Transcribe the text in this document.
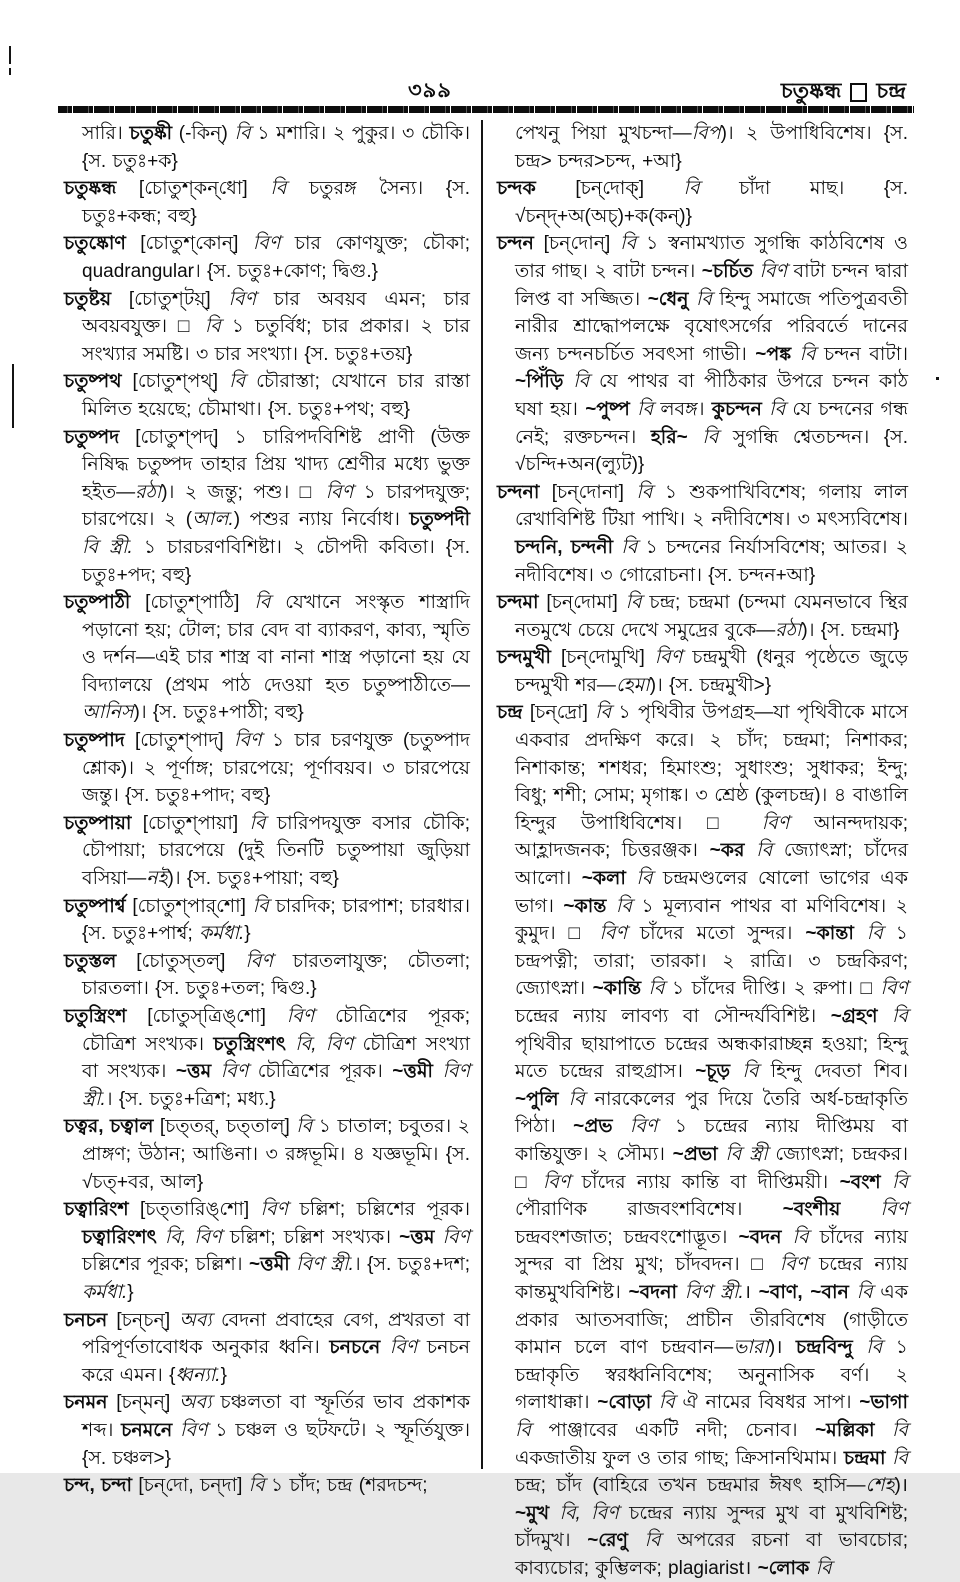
৩৯৯	চতুষ্কন্ধ চন্দ্র

সারি। চতুষ্কী (-কিন্) বি ১ মশারি। ২ পুকুর। ৩ চৌকি। {স. চতুঃ+ক}

চতুষ্কন্ধ [চোতুশ্‌কন্‌ধো] বি চতুরঙ্গ সৈন্য। {স. চতুঃ+কন্ধ; বহু}

চতুষ্কোণ [চোতুশ্‌কোন্] বিণ চার কোণযুক্ত; চৌকা; quadrangular। {স. চতুঃ+কোণ; দ্বিগু.}

চতুষ্টয় [চোতুশ্‌টয়্] বিণ চার অবয়ব এমন; চার অবয়বযুক্ত। □ বি ১ চতুর্বিধ; চার প্রকার। ২ চার সংখ্যার সমষ্টি। ৩ চার সংখ্যা। {স. চতুঃ+তয়}

চতুষ্পথ [চোতুশ্‌পথ্] বি চৌরাস্তা; যেখানে চার রাস্তা মিলিত হয়েছে; চৌমাথা। {স. চতুঃ+পথ; বহু}

চতুষ্পদ [চোতুশ্‌পদ্] ১ চারিপদবিশিষ্ট প্রাণী (উক্ত নিষিদ্ধ চতুষ্পদ তাহার প্রিয় খাদ্য শ্রেণীর মধ্যে ভুক্ত হইত—রঠা)। ২ জন্তু; পশু। □ বিণ ১ চারপদযুক্ত; চারপেয়ে। ২ (আল.) পশুর ন্যায় নির্বোধ। চতুষ্পদী বি স্ত্রী. ১ চারচরণবিশিষ্টা। ২ চৌপদী কবিতা। {স. চতুঃ+পদ; বহু}

চতুষ্পাঠী [চোতুশ্‌পাঠি] বি যেখানে সংস্কৃত শাস্ত্রাদি পড়ানো হয়; টোল; চার বেদ বা ব্যাকরণ, কাব্য, স্মৃতি ও দর্শন—এই চার শাস্ত্র বা নানা শাস্ত্র পড়ানো হয় যে বিদ্যালয়ে (প্রথম পাঠ দেওয়া হত চতুষ্পাঠীতে—আনিস)। {স. চতুঃ+পাঠী; বহু}

চতুষ্পাদ [চোতুশ্‌পাদ্] বিণ ১ চার চরণযুক্ত (চতুষ্পাদ শ্লোক)। ২ পূর্ণাঙ্গ; চারপেয়ে; পূর্ণাবয়ব। ৩ চারপেয়ে জন্তু। {স. চতুঃ+পাদ; বহু}

চতুষ্পায়া [চোতুশ্‌পায়া] বি চারিপদযুক্ত বসার চৌকি; চৌপায়া; চারপেয়ে (দুই তিনটি চতুষ্পায়া জুড়িয়া বসিয়া—নই)। {স. চতুঃ+পায়া; বহু}

চতুষ্পার্শ্ব [চোতুশ্‌পার্‌শো] বি চারদিক; চারপাশ; চারধার। {স. চতুঃ+পার্শ্ব; কর্মধা.}

চতুস্তল [চোতুস্‌তল্] বিণ চারতলাযুক্ত; চৌতলা; চারতলা। {স. চতুঃ+তল; দ্বিগু.}

চতুস্ত্রিংশ [চোতুস্‌ত্রিঙ্‌শো] বিণ চৌত্রিশের পূরক; চৌত্রিশ সংখ্যক। চতুস্ত্রিংশৎ বি, বিণ চৌত্রিশ সংখ্যা বা সংখ্যক। ~ত্তম বিণ চৌত্রিশের পূরক। ~ত্তমী বিণ স্ত্রী.। {স. চতুঃ+ত্রিশ; মধ্য.}

চত্বর, চত্বাল [চত্‌তর্, চত্‌তাল্] বি ১ চাতাল; চবুতর। ২ প্রাঙ্গণ; উঠান; আঙিনা। ৩ রঙ্গভূমি। ৪ যজ্ঞভূমি। {স. √চত্+বর, আল}

চত্বারিংশ [চত্‌তারিঙ্‌শো] বিণ চল্লিশ; চল্লিশের পূরক। চত্বারিংশৎ বি, বিণ চল্লিশ; চল্লিশ সংখ্যক। ~ত্তম বিণ চল্লিশের পূরক; চল্লিশ। ~ত্তমী বিণ স্ত্রী.। {স. চতুঃ+দশ; কর্মধা.}

চনচন [চন্‌চন্] অব্য বেদনা প্রবাহের বেগ, প্রখরতা বা পরিপূর্ণতাবোধক অনুকার ধ্বনি। চনচনে বিণ চনচন করে এমন। {ধ্বন্যা.}

চনমন [চন্‌মন্] অব্য চঞ্চলতা বা স্ফূর্তির ভাব প্রকাশক শব্দ। চনমনে বিণ ১ চঞ্চল ও ছটফটে। ২ স্ফূর্তিযুক্ত। {স. চঞ্চল>}

চন্দ, চন্দা [চন্‌দো, চন্‌দা] বি ১ চাঁদ; চন্দ্র (শরদচন্দ;

পেখনু পিয়া মুখচন্দা—বিপ)। ২ উপাধিবিশেষ। {স. চন্দ্র> চন্দর>চন্দ, +আ}

চন্দক [চন্‌দোক্] বি চাঁদা মাছ। {স. √চন্দ্+অ(অচ্)+ক(কন্)}

চন্দন [চন্‌দোন্] বি ১ স্বনামখ্যাত সুগন্ধি কাঠবিশেষ ও তার গাছ। ২ বাটা চন্দন। ~চর্চিত বিণ বাটা চন্দন দ্বারা লিপ্ত বা সজ্জিত। ~ধেনু বি হিন্দু সমাজে পতিপুত্রবতী নারীর শ্রাদ্ধোপলক্ষে বৃষোৎসর্গের পরিবর্তে দানের জন্য চন্দনচর্চিত সবৎসা গাভী। ~পঙ্ক বি চন্দন বাটা। ~পিঁড়ি বি যে পাথর বা পীঠিকার উপরে চন্দন কাঠ ঘষা হয়। ~পুষ্প বি লবঙ্গ। কুচন্দন বি যে চন্দনের গন্ধ নেই; রক্তচন্দন। হরি~ বি সুগন্ধি শ্বেতচন্দন। {স. √চন্দি+অন(ল্যুট)}

চন্দনা [চন্‌দোনা] বি ১ শুকপাখিবিশেষ; গলায় লাল রেখাবিশিষ্ট টিয়া পাখি। ২ নদীবিশেষ। ৩ মৎস্যবিশেষ। চন্দনি, চন্দনী বি ১ চন্দনের নির্যাসবিশেষ; আতর। ২ নদীবিশেষ। ৩ গোরোচনা। {স. চন্দন+আ}

চন্দমা [চন্‌দোমা] বি চন্দ্র; চন্দ্রমা (চন্দমা যেমনভাবে স্থির নতমুখে চেয়ে দেখে সমুদ্রের বুকে—রঠা)। {স. চন্দ্রমা}

চন্দমুখী [চন্‌দোমুখি] বিণ চন্দ্রমুখী (ধনুর পৃষ্ঠেতে জুড়ে চন্দমুখী শর—হেমা)। {স. চন্দ্রমুখী>}

চন্দ্র [চন্‌দ্রো] বি ১ পৃথিবীর উপগ্রহ—যা পৃথিবীকে মাসে একবার প্রদক্ষিণ করে। ২ চাঁদ; চন্দ্রমা; নিশাকর; নিশাকান্ত; শশধর; হিমাংশু; সুধাংশু; সুধাকর; ইন্দু; বিধু; শশী; সোম; মৃগাঙ্ক। ৩ শ্রেষ্ঠ (কুলচন্দ্র)। ৪ বাঙালি হিন্দুর উপাধিবিশেষ। □ বিণ আনন্দদায়ক; আহ্লাদজনক; চিত্তরঞ্জক। ~কর বি জ্যোৎস্না; চাঁদের আলো। ~কলা বি চন্দ্রমণ্ডলের ষোলো ভাগের এক ভাগ। ~কান্ত বি ১ মূল্যবান পাথর বা মণিবিশেষ। ২ কুমুদ। □ বিণ চাঁদের মতো সুন্দর। ~কান্তা বি ১ চন্দ্রপত্নী; তারা; তারকা। ২ রাত্রি। ৩ চন্দ্রকিরণ; জ্যোৎস্না। ~কান্তি বি ১ চাঁদের দীপ্তি। ২ রুপা। □ বিণ চন্দ্রের ন্যায় লাবণ্য বা সৌন্দর্যবিশিষ্ট। ~গ্রহণ বি পৃথিবীর ছায়াপাতে চন্দ্রের অন্ধকারাচ্ছন্ন হওয়া; হিন্দু মতে চন্দ্রের রাহুগ্রাস। ~চূড় বি হিন্দু দেবতা শিব। ~পুলি বি নারকেলের পুর দিয়ে তৈরি অর্ধ-চন্দ্রাকৃতি পিঠা। ~প্রভ বিণ ১ চন্দ্রের ন্যায় দীপ্তিময় বা কান্তিযুক্ত। ২ সৌম্য। ~প্রভা বি স্ত্রী জ্যোৎস্না; চন্দ্রকর। □ বিণ চাঁদের ন্যায় কান্তি বা দীপ্তিময়ী। ~বংশ বি পৌরাণিক রাজবংশবিশেষ। ~বংশীয় বিণ চন্দ্রবংশজাত; চন্দ্রবংশোদ্ভূত। ~বদন বি চাঁদের ন্যায় সুন্দর বা প্রিয় মুখ; চাঁদবদন। □ বিণ চন্দ্রের ন্যায় কান্তমুখবিশিষ্ট। ~বদনা বিণ স্ত্রী.। ~বাণ, ~বান বি এক প্রকার আতসবাজি; প্রাচীন তীরবিশেষ (গাড়ীতে কামান চলে বাণ চন্দ্রবান—ভারা)। চন্দ্রবিন্দু বি ১ চন্দ্রাকৃতি স্বরধ্বনিবিশেষ; অনুনাসিক বর্ণ। ২ গলাধাক্কা। ~বোড়া বি ঐ নামের বিষধর সাপ। ~ভাগা বি পাঞ্জাবের একটি নদী; চেনাব। ~মল্লিকা বি একজাতীয় ফুল ও তার গাছ; ক্রিসানথিমাম। চন্দ্রমা বি চন্দ্র; চাঁদ (বাহিরে তখন চন্দ্রমার ঈষৎ হাসি—শেহ)। ~মুখ বি, বিণ চন্দ্রের ন্যায় সুন্দর মুখ বা মুখবিশিষ্ট; চাঁদমুখ। ~রেণু বি অপরের রচনা বা ভাবচোর; কাব্যচোর; কুম্ভিলক; plagiarist। ~লোক বি
